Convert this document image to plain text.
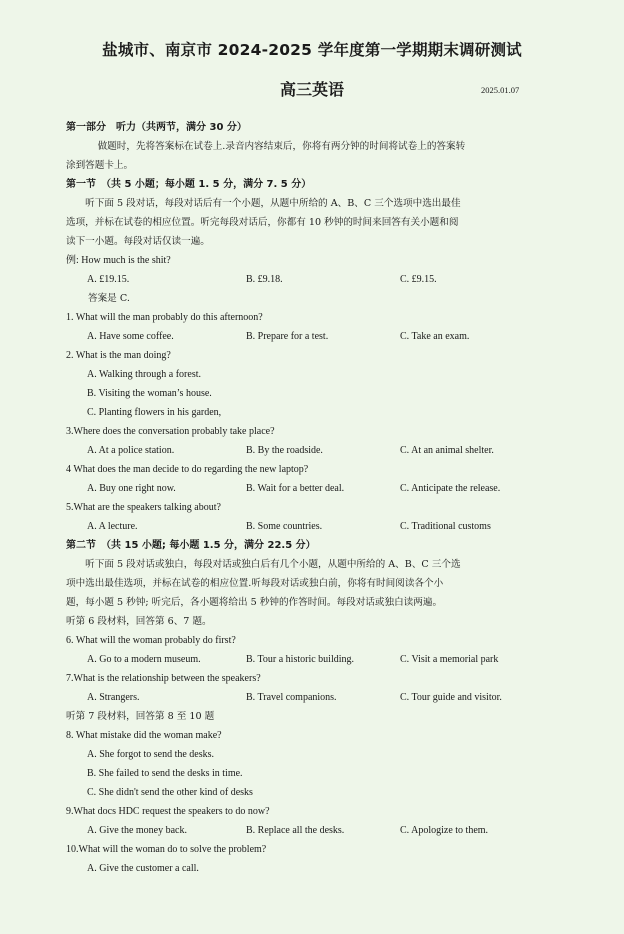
盐城市、南京市 2024-2025 学年度第一学期期末调研测试
高三英语	2025.01.07
第一部分　听力（共两节，满分 30 分）
　做题时，先将答案标在试卷上.录音内容结束后，你将有两分钟的时间将试卷上的答案转
涂到答题卡上。
第一节　（共 5 小题；每小题 1. 5 分，满分 7. 5 分）
　　听下面 5 段对话，每段对话后有一个小题，从题中所给的 A、B、C 三个选项中选出最佳
选项，并标在试卷的相应位置。听完每段对话后，你都有 10 秒钟的时间来回答有关小题和阅
读下一小题。每段对话仅读一遍。
例: How much is the shit?
A. £19.15.	B. £9.18.	C. £9.15.
答案是 C.
1. What will the man probably do this afternoon?
A. Have some coffee.	B. Prepare for a test.	C. Take an exam.
2. What is the man doing?
A. Walking through a forest.
B. Visiting the woman’s house.
C. Planting flowers in his garden,
3.Where does the conversation probably take place?
A. At a police station.	B. By the roadside.	C. At an animal shelter.
4 What does the man decide to do regarding the new laptop?
A. Buy one right now.	B. Wait for a better deal.	C. Anticipate the release.
5.What are the speakers talking about?
A. A lecture.	B. Some countries.	C. Traditional customs
第二节　（共 15 小题; 每小题 1.5 分，满分 22.5 分）
　　听下面 5 段对话或独白，每段对话或独白后有几个小题，从题中所给的 A、B、C 三个选
项中选出最佳选项，并标在试卷的相应位置.听每段对话或独白前，你将有时间阅读各个小
题，每小题 5 秒钟; 听完后，各小题将给出 5 秒钟的作答时间。每段对话或独白读两遍。
听第 6 段材料，回答第 6、7 题。
6. What will the woman probably do first?
A. Go to a modern museum.	B. Tour a historic building.	C. Visit a memorial park
7.What is the relationship between the speakers?
A. Strangers.	B. Travel companions.	C. Tour guide and visitor.
听第 7 段材料，回答第 8 至 10 题
8. What mistake did the woman make?
A. She forgot to send the desks.
B. She failed to send the desks in time.
C. She didn't send the other kind of desks
9.What docs HDC request the speakers to do now?
A. Give the money back.	B. Replace all the desks.	C. Apologize to them.
10.What will the woman do to solve the problem?
A. Give the customer a call.
